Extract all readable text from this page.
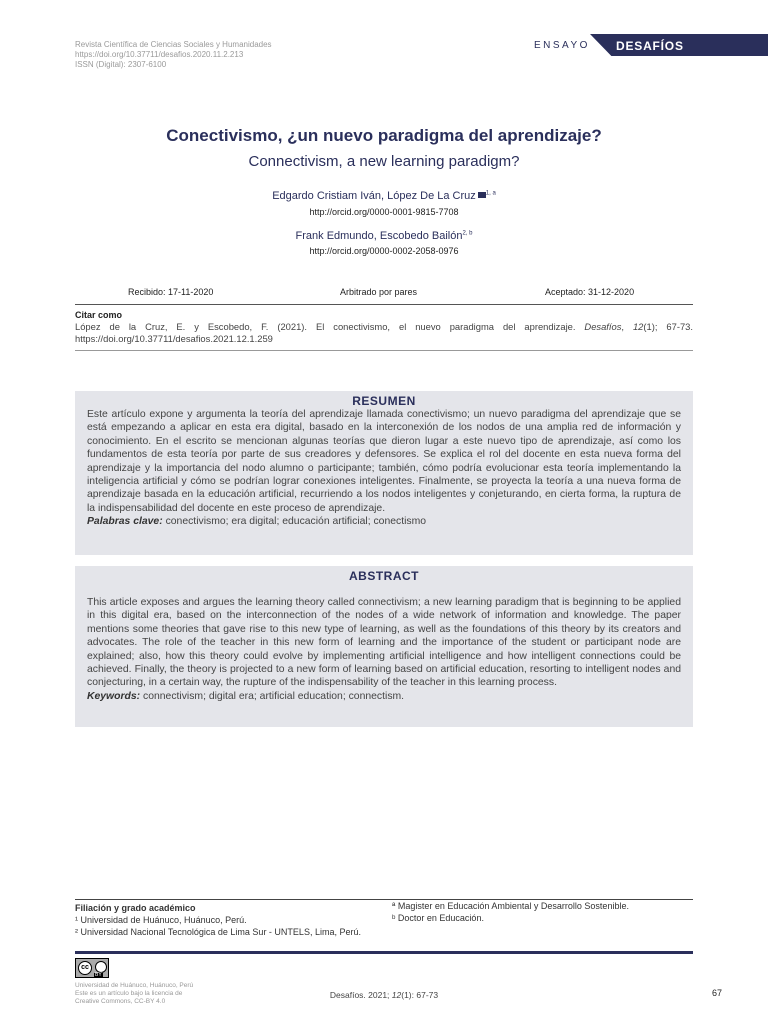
Revista Científica de Ciencias Sociales y Humanidades
https://doi.org/10.37711/desafios.2020.11.2.213
ISSN (Digital): 2307-6100
ENSAYO DESAFÍOS
Conectivismo, ¿un nuevo paradigma del aprendizaje?
Connectivism, a new learning paradigm?
Edgardo Cristiam Iván, López De La Cruz $^{1, a}$
http://orcid.org/0000-0001-9815-7708
Frank Edmundo, Escobedo Bailón$^{2, b}$
http://orcid.org/0000-0002-2058-0976
Recibido: 17-11-2020	Arbitrado por pares	Aceptado: 31-12-2020
Citar como
López de la Cruz, E. y Escobedo, F. (2021). El conectivismo, el nuevo paradigma del aprendizaje. Desafíos, 12(1); 67-73. https://doi.org/10.37711/desafios.2021.12.1.259
RESUMEN
Este artículo expone y argumenta la teoría del aprendizaje llamada conectivismo; un nuevo paradigma del aprendizaje que se está empezando a aplicar en esta era digital, basado en la interconexión de los nodos de una amplia red de información y conocimiento. En el escrito se mencionan algunas teorías que dieron lugar a este nuevo tipo de aprendizaje, así como los fundamentos de esta teoría por parte de sus creadores y defensores. Se explica el rol del docente en esta nueva forma del aprendizaje y la importancia del nodo alumno o participante; también, cómo podría evolucionar esta teoría implementando la inteligencia artificial y cómo se podrían lograr conexiones inteligentes. Finalmente, se proyecta la teoría a una nueva forma de aprendizaje basada en la educación artificial, recurriendo a los nodos inteligentes y conjeturando, en cierta forma, la ruptura de la indispensabilidad del docente en este proceso de aprendizaje.
Palabras clave: conectivismo; era digital; educación artificial; conectismo
ABSTRACT
This article exposes and argues the learning theory called connectivism; a new learning paradigm that is beginning to be applied in this digital era, based on the interconnection of the nodes of a wide network of information and knowledge. The paper mentions some theories that gave rise to this new type of learning, as well as the foundations of this theory by its creators and advocates. The role of the teacher in this new form of learning and the importance of the student or participant node are explained; also, how this theory could evolve by implementing artificial intelligence and how intelligent connections could be achieved. Finally, the theory is projected to a new form of learning based on artificial education, resorting to intelligent nodes and conjecturing, in a certain way, the rupture of the indispensability of the teacher in this learning process.
Keywords: connectivism; digital era; artificial education; connectism.
Filiación y grado académico
¹ Universidad de Huánuco, Huánuco, Perú.
² Universidad Nacional Tecnológica de Lima Sur - UNTELS, Lima, Perú.
ª Magister en Educación Ambiental y Desarrollo Sostenible.
ᵇ Doctor en Educación.
cc
BY
Universidad de Huánuco, Huánuco, Perú
Este es un artículo bajo la licencia de
Creative Commons, CC-BY 4.0
Desafíos. 2021; 12(1): 67-73	67
